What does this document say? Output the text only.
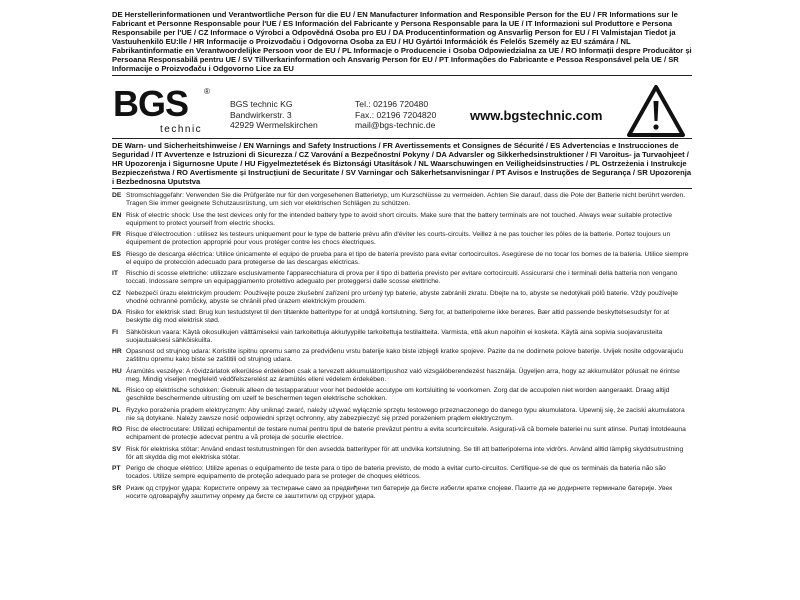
DE Herstellerinformationen und Verantwortliche Person für die EU / EN Manufacturer Information and Responsible Person for the EU / FR Informations sur le Fabricant et Personne Responsable pour l'UE / ES Información del Fabricante y Persona Responsable para la UE / IT Informazioni sul Produttore e Persona Responsabile per l'UE / CZ Informace o Výrobci a Odpovědná Osoba pro EU / DA Producentinformation og Ansvarlig Person for EU / FI Valmistajan Tiedot ja Vastuuhenkilö EU:lle / HR Informacije o Proizvođaču i Odgovorna Osoba za EU / HU Gyártói Információk és Felelős Személy az EU számára / NL Fabrikantinformatie en Verantwoordelijke Persoon voor de EU / PL Informacje o Producencie i Osoba Odpowiedzialna za UE / RO Informații despre Producător și Persoana Responsabilă pentru UE / SV Tillverkarinformation och Ansvarig Person för EU / PT Informações do Fabricante e Pessoa Responsável pela UE / SR Informacije o Proizvođaču i Odgovorno Lice za EU
BGS ®
technic
BGS technic KG
Bandwirkerstr. 3
42929 Wermelskirchen
Tel.: 02196 720480
Fax.: 02196 7204820
mail@bgs-technic.de
www.bgstechnic.com
DE Warn- und Sicherheitshinweise / EN Warnings and Safety Instructions / FR Avertissements et Consignes de Sécurité / ES Advertencias e Instrucciones de Seguridad / IT Avvertenze e Istruzioni di Sicurezza / CZ Varování a Bezpečnostní Pokyny / DA Advarsler og Sikkerhedsinstruktioner / FI Varoitus- ja Turvaohjeet / HR Upozorenja i Sigurnosne Upute / HU Figyelmeztetések és Biztonsági Utasítások / NL Waarschuwingen en Veiligheidsinstructies / PL Ostrzeżenia i Instrukcje Bezpieczeństwa / RO Avertismente și Instrucțiuni de Securitate / SV Varningar och Säkerhetsanvisningar / PT Avisos e Instruções de Segurança / SR Upozorenja i Bezbednosna Uputstva
DE Stromschlaggefahr: Verwenden Sie die Prüfgeräte nur für den vorgesehenen Batterietyp, um Kurzschlüsse zu vermeiden. Achten Sie darauf, dass die Pole der Batterie nicht berührt werden. Tragen Sie immer geeignete Schutzausrüstung, um sich vor elektrischen Schlägen zu schützen.
EN Risk of electric shock: Use the test devices only for the intended battery type to avoid short circuits. Make sure that the battery terminals are not touched. Always wear suitable protective equipment to protect yourself from electric shocks.
FR Risque d'électrocution : utilisez les testeurs uniquement pour le type de batterie prévu afin d'éviter les courts-circuits. Veillez à ne pas toucher les pôles de la batterie. Portez toujours un équipement de protection approprié pour vous protéger contre les chocs électriques.
ES Riesgo de descarga eléctrica: Utilice únicamente el equipo de prueba para el tipo de batería previsto para evitar cortocircuitos. Asegúrese de no tocar los bornes de la batería. Utilice siempre el equipo de protección adecuado para protegerse de las descargas eléctricas.
IT	Rischio di scosse elettriche: utilizzare esclusivamente l'apparecchiatura di prova per il tipo di batteria previsto per evitare cortocircuiti. Assicurarsi che i terminali della batteria non vengano toccati. Indossare sempre un equipaggiamento protettivo adeguato per proteggersi dalle scosse elettriche.
CZ Nebezpečí úrazu elektrickým proudem: Používejte pouze zkušební zařízení pro určený typ baterie, abyste zabránili zkratu. Dbejte na to, abyste se nedotýkali pólů baterie. Vždy používejte vhodné ochranné pomůcky, abyste se chránili před úrazem elektrickým proudem.
DA Risiko for elektrisk stød: Brug kun testudstyret til den tiltænkte batteritype for at undgå kortslutning. Sørg for, at batteripolerne ikke berøres. Bær altid passende beskyttelsesudstyr for at beskytte dig mod elektrisk stød.
FI	Sähköiskun vaara: Käytä oikosulkujen välttämiseksi vain tarkoitettuja akkutyypille tarkoitettuja testilaitteita. Varmista, että akun napoihin ei kosketa. Käytä aina sopivia suojavarusteita suojautuaksesi sähköiskuilta.
HR Opasnost od strujnog udara: Koristite ispitnu opremu samo za predviđenu vrstu baterije kako biste izbjegli kratke spojeve. Pazite da ne dodirnete polove baterije. Uvijek nosite odgovarajuću zaštitnu opremu kako biste se zaštitili od strujnog udara.
HU Áramütés veszélye: A rövidzárlatok elkerülése érdekében csak a tervezett akkumulátortípushoz való vizsgálóberendezést használja. Ügyeljen arra, hogy az akkumulátor pólusait ne érintse meg. Mindig viseljen megfelelő védőfelszerelést az áramütés elleni védelem érdekében.
NL Risico op elektrische schokken: Gebruik alleen de testapparatuur voor het bedoelde accutype om kortsluiting te voorkomen. Zorg dat de accupolen niet worden aangeraakt. Draag altijd geschikte beschermende uitrusting om uzelf te beschermen tegen elektrische schokken.
PL Ryzyko porażenia prądem elektrycznym: Aby uniknąć zwarć, należy używać wyłącznie sprzętu testowego przeznaczonego do danego typu akumulatora. Upewnij się, że zaciski akumulatora nie są dotykane. Należy zawsze nosić odpowiedni sprzęt ochronny, aby zabezpieczyć się przed porażeniem prądem elektrycznym.
RO Risc de electrocutare: Utilizați echipamentul de testare numai pentru tipul de baterie prevăzut pentru a evita scurtcircuitele. Asigurați-vă că bornele bateriei nu sunt atinse. Purtați întotdeauna echipament de protecție adecvat pentru a vă proteja de șocurile electrice.
SV Risk för elektriska stötar: Använd endast testutrustningen för den avsedda batterityper för att undvika kortslutning. Se till att batteripolerna inte vidrörs. Använd alltid lämplig skyddsutrustning för att skydda dig mot elektriska stötar.
PT Perigo de choque elétrico: Utilize apenas o equipamento de teste para o tipo de bateria previsto, de modo a evitar curto-circuitos. Certifique-se de que os terminais da bateria não são tocados. Utilize sempre equipamento de proteção adequado para se proteger de choques elétricos.
SR Ризик од струјног удара: Користите опрему за тестирање само за предвиђени тип батерије да бисте избегли кратке спојеве. Пазите да не додирнете терминале батерије. Увек носите одговарајућу заштитну опрему да бисте се заштитили од струјног удара.
